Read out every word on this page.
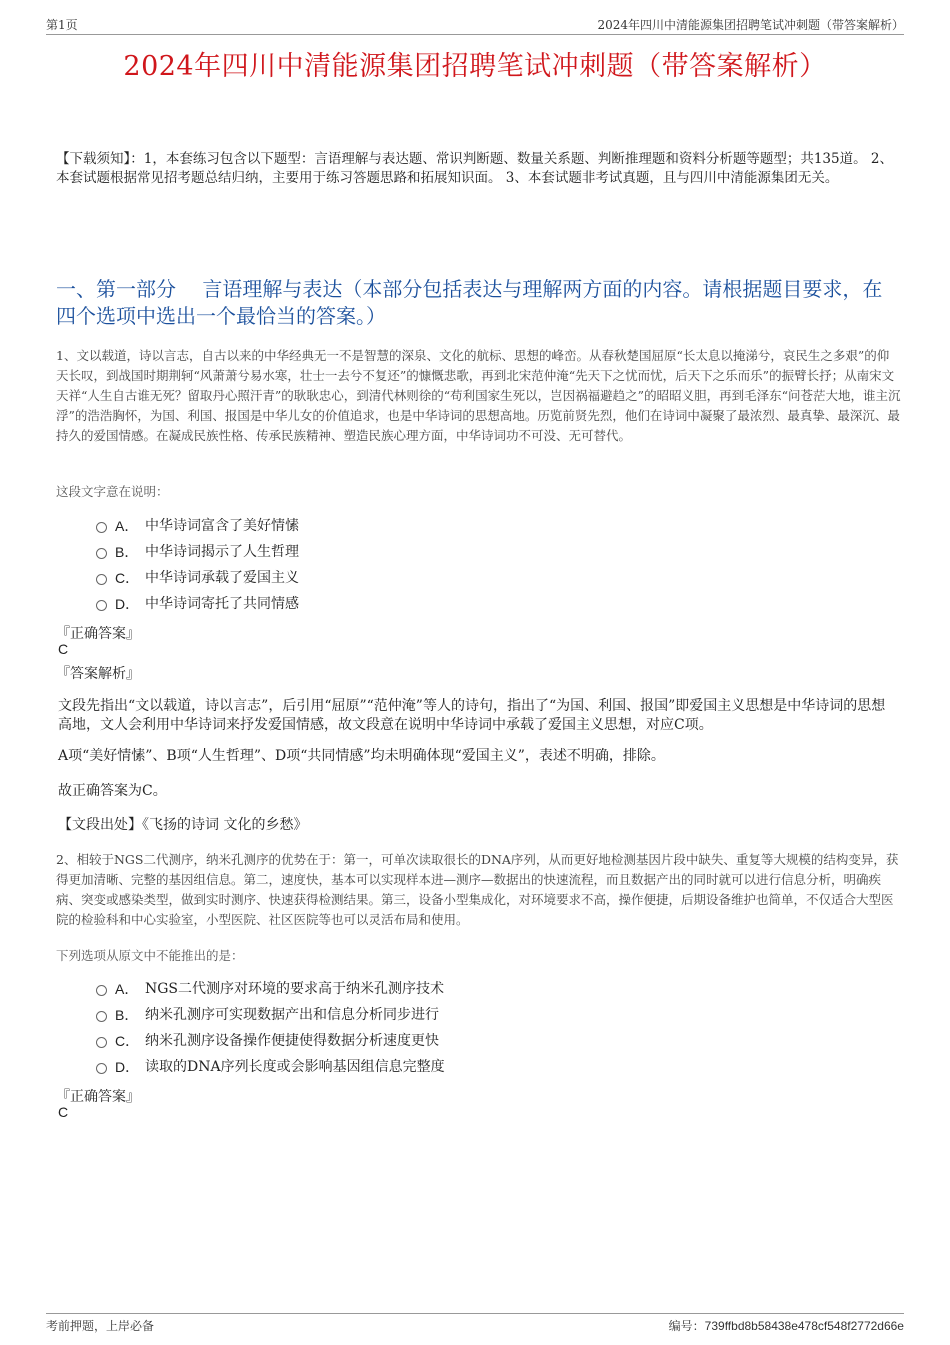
第1页	2024年四川中清能源集团招聘笔试冲刺题（带答案解析）
2024年四川中清能源集团招聘笔试冲刺题（带答案解析）
【下载须知】：1，本套练习包含以下题型：言语理解与表达题、常识判断题、数量关系题、判断推理题和资料分析题等题型；共135道。 2、本套试题根据常见招考题总结归纳，主要用于练习答题思路和拓展知识面。 3、本套试题非考试真题，且与四川中清能源集团无关。
一、第一部分　 言语理解与表达（本部分包括表达与理解两方面的内容。请根据题目要求，在四个选项中选出一个最恰当的答案。）
1、文以载道，诗以言志，自古以来的中华经典无一不是智慧的深泉、文化的航标、思想的峰峦。从春秋楚国屈原“长太息以掩涕兮，哀民生之多艰”的仰天长叹，到战国时期荆轲“风萧萧兮易水寒，壮士一去兮不复还”的慷慨悲歌，再到北宋范仲淹“先天下之忧而忧，后天下之乐而乐”的振臂长抒；从南宋文天祥“人生自古谁无死？留取丹心照汗青”的耿耿忠心，到清代林则徐的“苟利国家生死以，岂因祸福避趋之”的昭昭义胆，再到毛泽东“问苍茫大地，谁主沉浮”的浩浩胸怀，为国、利国、报国是中华儿女的价值追求，也是中华诗词的思想高地。历览前贤先烈，他们在诗词中凝聚了最浓烈、最真挚、最深沉、最持久的爱国情感。在凝成民族性格、传承民族精神、塑造民族心理方面，中华诗词功不可没、无可替代。
这段文字意在说明：
A． 中华诗词富含了美好情愫
B． 中华诗词揭示了人生哲理
C． 中华诗词承载了爱国主义
D． 中华诗词寄托了共同情感
『正确答案』
C
『答案解析』
文段先指出“文以载道，诗以言志”，后引用“屈原”“范仲淹”等人的诗句，指出了“为国、利国、报国”即爱国主义思想是中华诗词的思想高地，文人会利用中华诗词来抒发爱国情感，故文段意在说明中华诗词中承载了爱国主义思想，对应C项。
A项“美好情愫”、B项“人生哲理”、D项“共同情感”均未明确体现“爱国主义”，表述不明确，排除。
故正确答案为C。
【文段出处】《飞扬的诗词 文化的乡愁》
2、相较于NGS二代测序，纳米孔测序的优势在于：第一，可单次读取很长的DNA序列，从而更好地检测基因片段中缺失、重复等大规模的结构变异，获得更加清晰、完整的基因组信息。第二，速度快，基本可以实现样本进—测序—数据出的快速流程，而且数据产出的同时就可以进行信息分析，明确疾病、突变或感染类型，做到实时测序、快速获得检测结果。第三，设备小型集成化，对环境要求不高，操作便捷，后期设备维护也简单，不仅适合大型医院的检验科和中心实验室，小型医院、社区医院等也可以灵活布局和使用。
下列选项从原文中不能推出的是：
A． NGS二代测序对环境的要求高于纳米孔测序技术
B． 纳米孔测序可实现数据产出和信息分析同步进行
C． 纳米孔测序设备操作便捷使得数据分析速度更快
D． 读取的DNA序列长度或会影响基因组信息完整度
『正确答案』
C
考前押题，上岸必备	编号：739ffbd8b58438e478cf548f2772d66e
